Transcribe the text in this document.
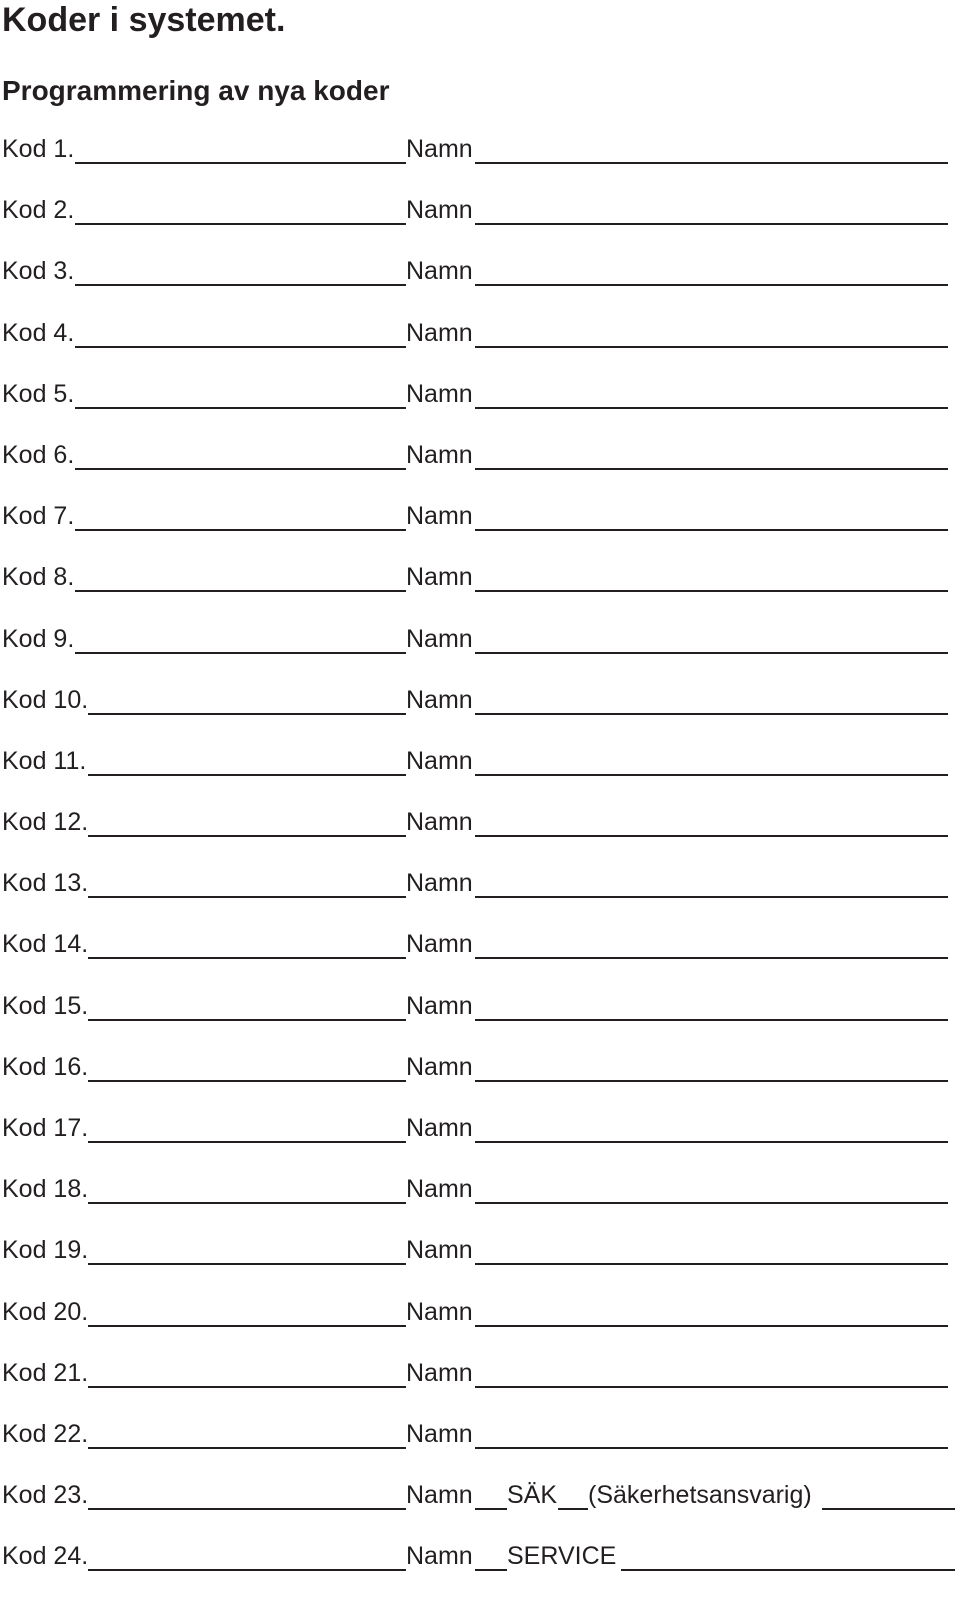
Koder i systemet.
Programmering av nya koder
Kod 1.	Namn
Kod 2.	Namn
Kod 3.	Namn
Kod 4.	Namn
Kod 5.	Namn
Kod 6.	Namn
Kod 7.	Namn
Kod 8.	Namn
Kod 9.	Namn
Kod 10.	Namn
Kod 11.	Namn
Kod 12.	Namn
Kod 13.	Namn
Kod 14.	Namn
Kod 15.	Namn
Kod 16.	Namn
Kod 17.	Namn
Kod 18.	Namn
Kod 19.	Namn
Kod 20.	Namn
Kod 21.	Namn
Kod 22.	Namn
Kod 23.	Namn SÄK (Säkerhetsansvarig)
Kod 24.	Namn SERVICE
